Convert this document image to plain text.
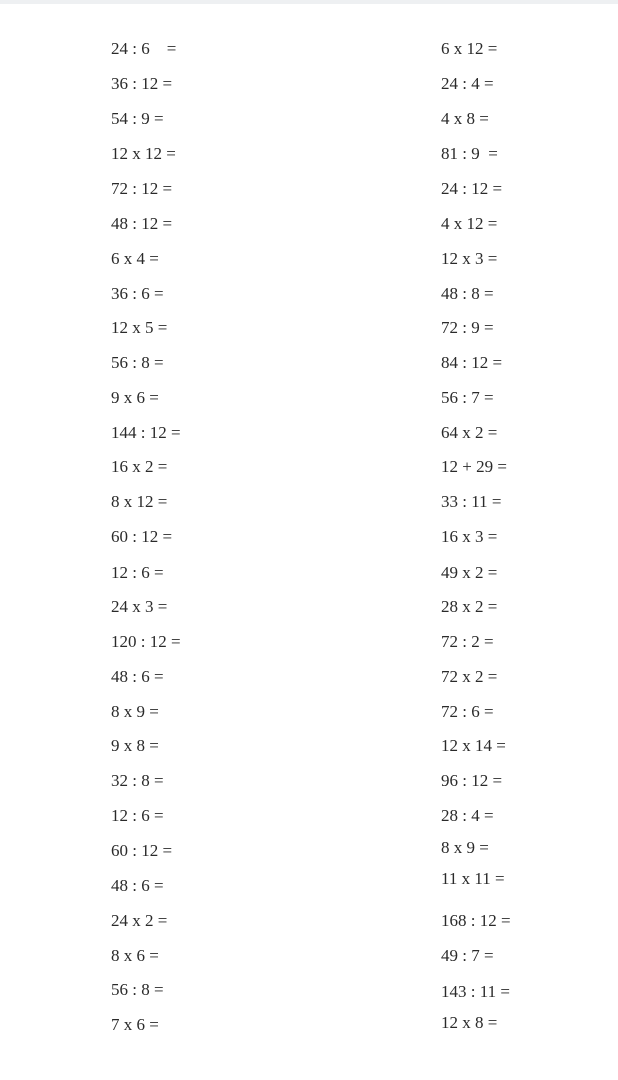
24 : 6    =
36 : 12 =
54 : 9 =
12 x 12 =
72 : 12 =
48 : 12 =
6 x 4 =
36 : 6 =
12 x 5 =
56 : 8 =
9 x 6 =
144 : 12 =
16 x 2 =
8 x 12 =
60 : 12 =
12 : 6 =
24 x 3 =
120 : 12 =
48 : 6 =
8 x 9 =
9 x 8 =
32 : 8 =
12 : 6 =
60 : 12 =
48 : 6 =
24 x 2 =
8 x 6 =
56 : 8 =
7 x 6 =
6 x 12 =
24 : 4 =
4 x 8 =
81 : 9  =
24 : 12 =
4 x 12 =
12 x 3 =
48 : 8 =
72 : 9 =
84 : 12 =
56 : 7 =
64 x 2 =
12 + 29 =
33 : 11 =
16 x 3 =
49 x 2 =
28 x 2 =
72 : 2 =
72 x 2 =
72 : 6 =
12 x 14 =
96 : 12 =
28 : 4 =
8 x 9 =
11 x 11 =
168 : 12 =
49 : 7 =
143 : 11 =
12 x 8 =
